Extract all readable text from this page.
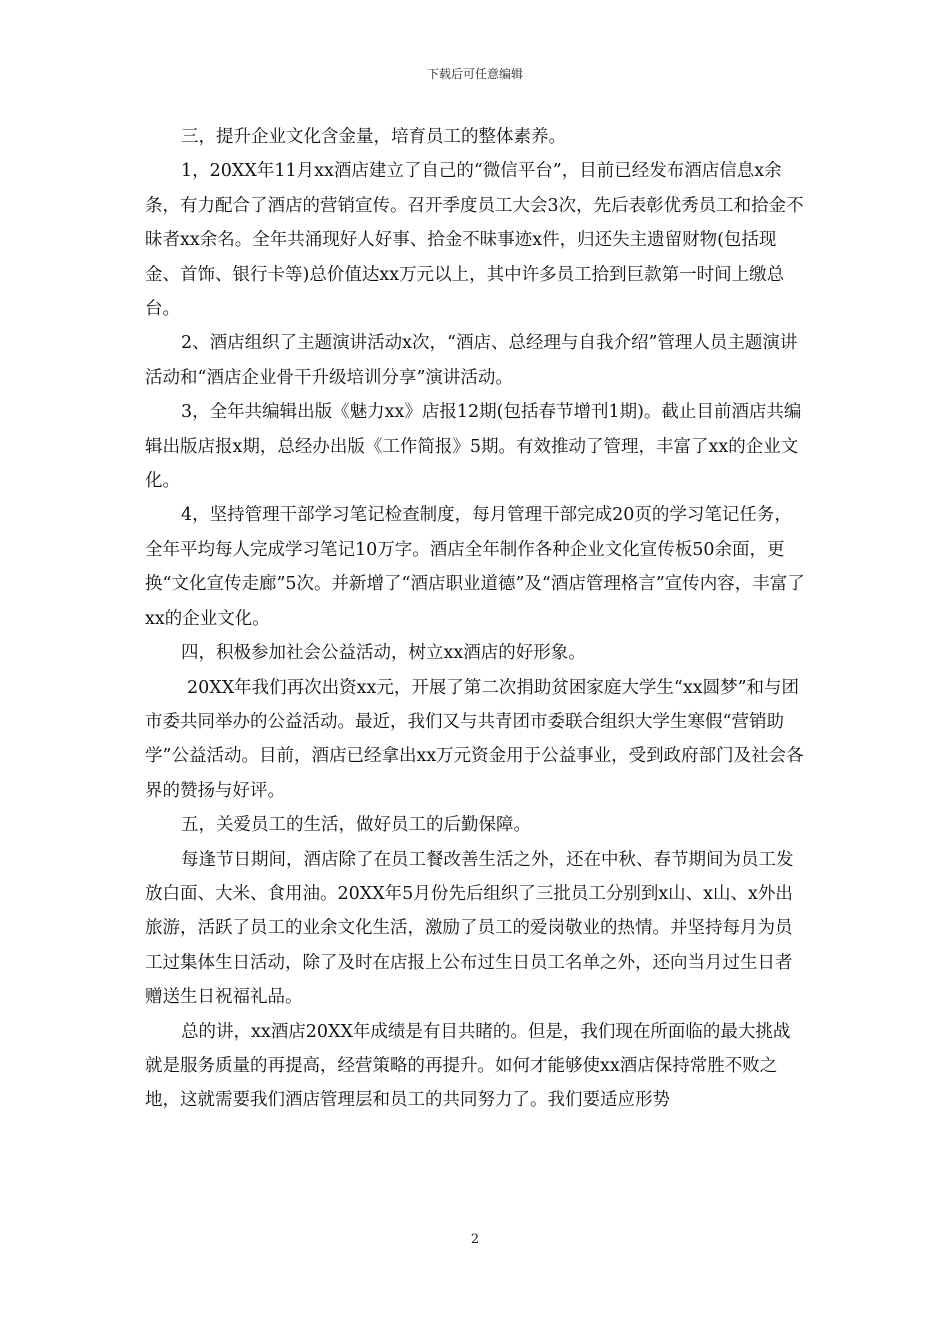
下载后可任意编辑

三，提升企业文化含金量，培育员工的整体素养。

1，20XX年11月xx酒店建立了自己的“微信平台”，目前已经发布酒店信息x余条，有力配合了酒店的营销宣传。召开季度员工大会3次，先后表彰优秀员工和拾金不昧者xx余名。全年共涌现好人好事、拾金不昧事迹x件，归还失主遗留财物(包括现金、首饰、银行卡等)总价值达xx万元以上，其中许多员工拾到巨款第一时间上缴总台。

2、酒店组织了主题演讲活动x次，“酒店、总经理与自我介绍”管理人员主题演讲活动和“酒店企业骨干升级培训分享”演讲活动。

3，全年共编辑出版《魅力xx》店报12期(包括春节增刊1期)。截止目前酒店共编辑出版店报x期，总经办出版《工作简报》5期。有效推动了管理，丰富了xx的企业文化。

4，坚持管理干部学习笔记检查制度，每月管理干部完成20页的学习笔记任务，全年平均每人完成学习笔记10万字。酒店全年制作各种企业文化宣传板50余面，更换“文化宣传走廊”5次。并新增了“酒店职业道德”及“酒店管理格言”宣传内容，丰富了xx的企业文化。

四，积极参加社会公益活动，树立xx酒店的好形象。

20XX年我们再次出资xx元，开展了第二次捐助贫困家庭大学生“xx圆梦”和与团市委共同举办的公益活动。最近，我们又与共青团市委联合组织大学生寒假“营销助学”公益活动。目前，酒店已经拿出xx万元资金用于公益事业，受到政府部门及社会各界的赞扬与好评。

五，关爱员工的生活，做好员工的后勤保障。

每逢节日期间，酒店除了在员工餐改善生活之外，还在中秋、春节期间为员工发放白面、大米、食用油。20XX年5月份先后组织了三批员工分别到x山、x山、x外出旅游，活跃了员工的业余文化生活，激励了员工的爱岗敬业的热情。并坚持每月为员工过集体生日活动，除了及时在店报上公布过生日员工名单之外，还向当月过生日者赠送生日祝福礼品。

总的讲，xx酒店20XX年成绩是有目共睹的。但是，我们现在所面临的最大挑战就是服务质量的再提高，经营策略的再提升。如何才能够使xx酒店保持常胜不败之地，这就需要我们酒店管理层和员工的共同努力了。我们要适应形势

2
